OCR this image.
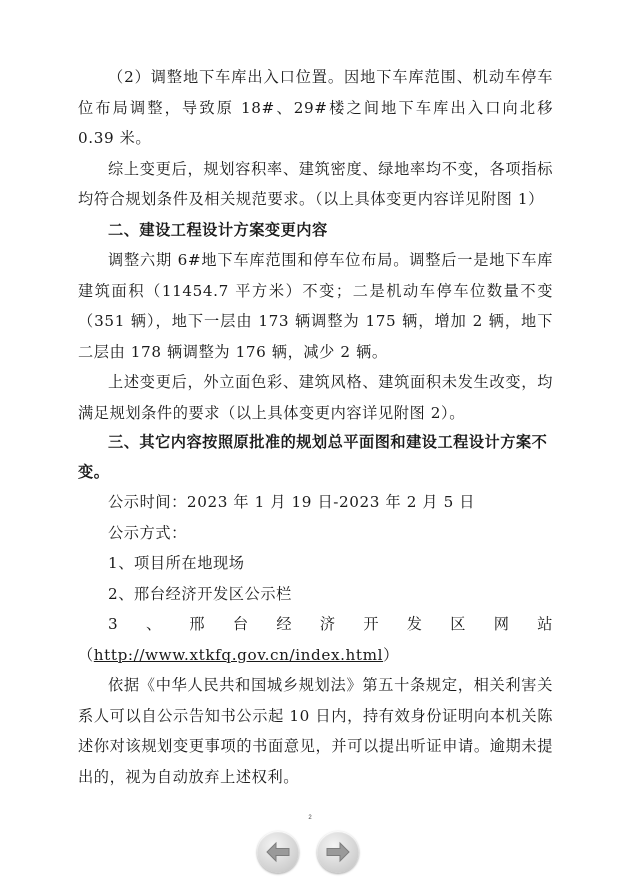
（2）调整地下车库出入口位置。因地下车库范围、机动车停车位布局调整，导致原 18#、29#楼之间地下车库出入口向北移 0.39 米。

综上变更后，规划容积率、建筑密度、绿地率均不变，各项指标均符合规划条件及相关规范要求。（以上具体变更内容详见附图 1）

二、建设工程设计方案变更内容

调整六期 6#地下车库范围和停车位布局。调整后一是地下车库建筑面积（11454.7 平方米）不变；二是机动车停车位数量不变（351 辆），地下一层由 173 辆调整为 175 辆，增加 2 辆，地下二层由 178 辆调整为 176 辆，减少 2 辆。

上述变更后，外立面色彩、建筑风格、建筑面积未发生改变，均满足规划条件的要求（以上具体变更内容详见附图 2）。

三、其它内容按照原批准的规划总平面图和建设工程设计方案不变。

公示时间：2023 年 1 月 19 日-2023 年 2 月 5 日

公示方式：

1、项目所在地现场

2、邢台经济开发区公示栏

3、邢台经济开发区网站（http://www.xtkfq.gov.cn/index.html）

依据《中华人民共和国城乡规划法》第五十条规定，相关利害关系人可以自公示告知书公示起 10 日内，持有效身份证明向本机关陈述你对该规划变更事项的书面意见，并可以提出听证申请。逾期未提出的，视为自动放弃上述权利。

2
